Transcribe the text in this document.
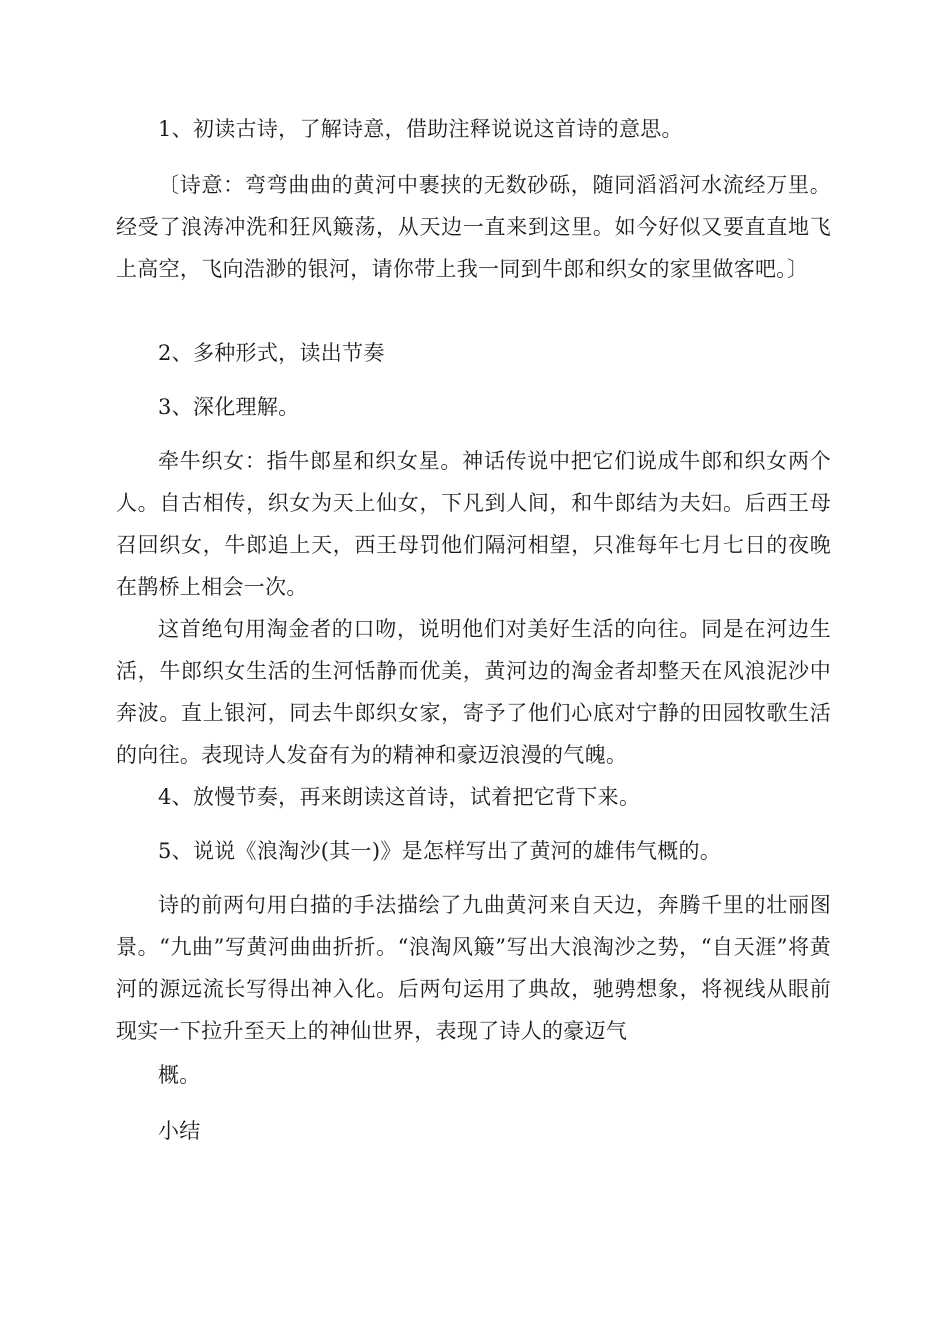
1、初读古诗，了解诗意，借助注释说说这首诗的意思。

〔诗意：弯弯曲曲的黄河中裹挟的无数砂砾，随同滔滔河水流经万里。经受了浪涛冲洗和狂风簸荡，从天边一直来到这里。如今好似又要直直地飞上高空，飞向浩渺的银河，请你带上我一同到牛郎和织女的家里做客吧。〕

2、多种形式，读出节奏

3、深化理解。

牵牛织女：指牛郎星和织女星。神话传说中把它们说成牛郎和织女两个人。自古相传，织女为天上仙女，下凡到人间，和牛郎结为夫妇。后西王母召回织女，牛郎追上天，西王母罚他们隔河相望，只准每年七月七日的夜晚在鹊桥上相会一次。

这首绝句用淘金者的口吻，说明他们对美好生活的向往。同是在河边生活，牛郎织女生活的生河恬静而优美，黄河边的淘金者却整天在风浪泥沙中奔波。直上银河，同去牛郎织女家，寄予了他们心底对宁静的田园牧歌生活的向往。表现诗人发奋有为的精神和豪迈浪漫的气魄。

4、放慢节奏，再来朗读这首诗，试着把它背下来。

5、说说《浪淘沙(其一)》是怎样写出了黄河的雄伟气概的。

诗的前两句用白描的手法描绘了九曲黄河来自天边，奔腾千里的壮丽图景。“九曲”写黄河曲曲折折。“浪淘风簸”写出大浪淘沙之势，“自天涯”将黄河的源远流长写得出神入化。后两句运用了典故，驰骋想象，将视线从眼前现实一下拉升至天上的神仙世界，表现了诗人的豪迈气

概。

小结
